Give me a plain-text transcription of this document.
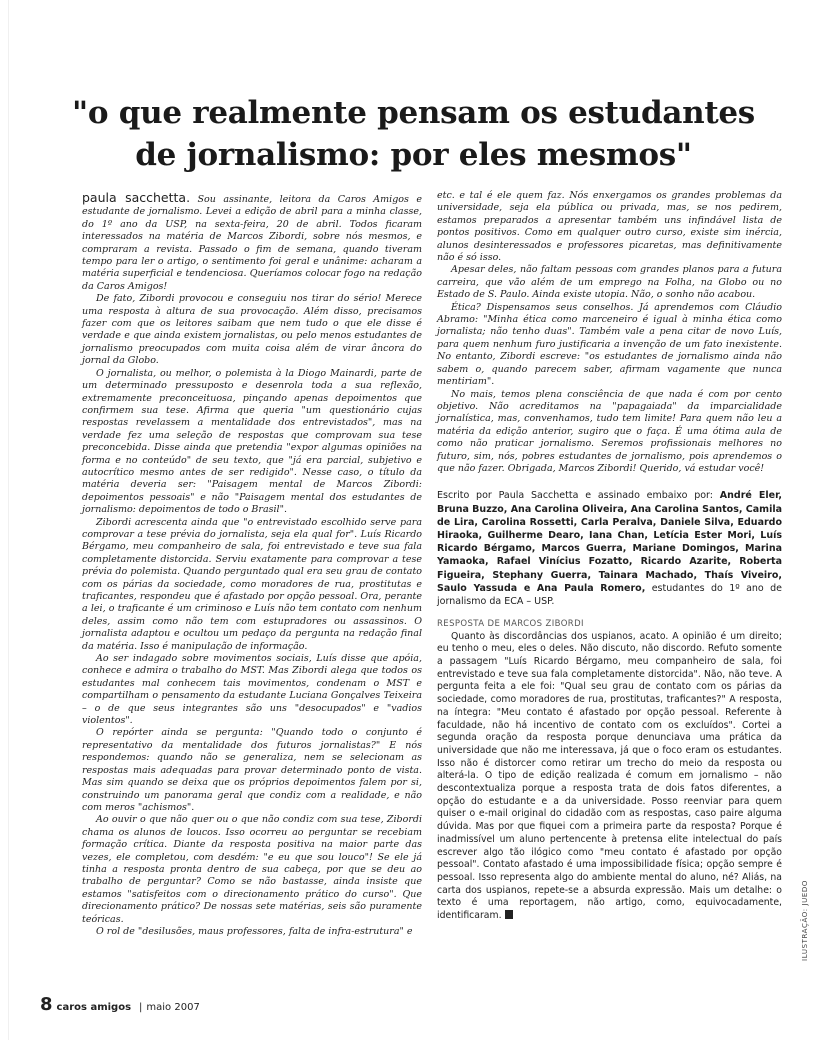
"o que realmente pensam os estudantes
de jornalismo: por eles mesmos"

paula sacchetta. Sou assinante, leitora da Caros Amigos e estudante de jornalismo. Levei a edição de abril para a minha classe, do 1º ano da USP, na sexta-feira, 20 de abril. Todos ficaram interessados na matéria de Marcos Zibordi, sobre nós mesmos, e compraram a revista. Passado o fim de semana, quando tiveram tempo para ler o artigo, o sentimento foi geral e unânime: acharam a matéria superficial e tendenciosa. Queríamos colocar fogo na redação da Caros Amigos!

De fato, Zibordi provocou e conseguiu nos tirar do sério! Merece uma resposta à altura de sua provocação. Além disso, precisamos fazer com que os leitores saibam que nem tudo o que ele disse é verdade e que ainda existem jornalistas, ou pelo menos estudantes de jornalismo preocupados com muita coisa além de virar âncora do jornal da Globo.

O jornalista, ou melhor, o polemista à la Diogo Mainardi, parte de um determinado pressuposto e desenrola toda a sua reflexão, extremamente preconceituosa, pinçando apenas depoimentos que confirmem sua tese. Afirma que queria "um questionário cujas respostas revelassem a mentalidade dos entrevistados", mas na verdade fez uma seleção de respostas que comprovam sua tese preconcebida. Disse ainda que pretendia "expor algumas opiniões na forma e no conteúdo" de seu texto, que "já era parcial, subjetivo e autocrítico mesmo antes de ser redigido". Nesse caso, o título da matéria deveria ser: "Paisagem mental de Marcos Zibordi: depoimentos pessoais" e não "Paisagem mental dos estudantes de jornalismo: depoimentos de todo o Brasil".

Zibordi acrescenta ainda que "o entrevistado escolhido serve para comprovar a tese prévia do jornalista, seja ela qual for". Luís Ricardo Bérgamo, meu companheiro de sala, foi entrevistado e teve sua fala completamente distorcida. Serviu exatamente para comprovar a tese prévia do polemista. Quando perguntado qual era seu grau de contato com os párias da sociedade, como moradores de rua, prostitutas e traficantes, respondeu que é afastado por opção pessoal. Ora, perante a lei, o traficante é um criminoso e Luís não tem contato com nenhum deles, assim como não tem com estupradores ou assassinos. O jornalista adaptou e ocultou um pedaço da pergunta na redação final da matéria. Isso é manipulação de informação.

Ao ser indagado sobre movimentos sociais, Luís disse que apóia, conhece e admira o trabalho do MST. Mas Zibordi alega que todos os estudantes mal conhecem tais movimentos, condenam o MST e compartilham o pensamento da estudante Luciana Gonçalves Teixeira – o de que seus integrantes são uns "desocupados" e "vadios violentos".

O repórter ainda se pergunta: "Quando todo o conjunto é representativo da mentalidade dos futuros jornalistas?" E nós respondemos: quando não se generaliza, nem se selecionam as respostas mais adequadas para provar determinado ponto de vista. Mas sim quando se deixa que os próprios depoimentos falem por si, construindo um panorama geral que condiz com a realidade, e não com meros "achismos".

Ao ouvir o que não quer ou o que não condiz com sua tese, Zibordi chama os alunos de loucos. Isso ocorreu ao perguntar se recebiam formação crítica. Diante da resposta positiva na maior parte das vezes, ele completou, com desdém: "e eu que sou louco"! Se ele já tinha a resposta pronta dentro de sua cabeça, por que se deu ao trabalho de perguntar? Como se não bastasse, ainda insiste que estamos "satisfeitos com o direcionamento prático do curso". Que direcionamento prático? De nossas sete matérias, seis são puramente teóricas.

O rol de "desilusões, maus professores, falta de infra-estrutura" e

etc. e tal é ele quem faz. Nós enxergamos os grandes problemas da universidade, seja ela pública ou privada, mas, se nos pedirem, estamos preparados a apresentar também uns infindável lista de pontos positivos. Como em qualquer outro curso, existe sim inércia, alunos desinteressados e professores picaretas, mas definitivamente não é só isso.

Apesar deles, não faltam pessoas com grandes planos para a futura carreira, que vão além de um emprego na Folha, na Globo ou no Estado de S. Paulo. Ainda existe utopia. Não, o sonho não acabou.

Ética? Dispensamos seus conselhos. Já aprendemos com Cláudio Abramo: "Minha ética como marceneiro é igual à minha ética como jornalista; não tenho duas". Também vale a pena citar de novo Luís, para quem nenhum furo justificaria a invenção de um fato inexistente. No entanto, Zibordi escreve: "os estudantes de jornalismo ainda não sabem o, quando parecem saber, afirmam vagamente que nunca mentiriam".

No mais, temos plena consciência de que nada é com por cento objetivo. Não acreditamos na "papagaiada" da imparcialidade jornalística, mas, convenhamos, tudo tem limite! Para quem não leu a matéria da edição anterior, sugiro que o faça. É uma ótima aula de como não praticar jornalismo. Seremos profissionais melhores no futuro, sim, nós, pobres estudantes de jornalismo, pois aprendemos o que não fazer. Obrigada, Marcos Zibordi! Querido, vá estudar você!

Escrito por Paula Sacchetta e assinado embaixo por: André Eler, Bruna Buzzo, Ana Carolina Oliveira, Ana Carolina Santos, Camila de Lira, Carolina Rossetti, Carla Peralva, Daniele Silva, Eduardo Hiraoka, Guilherme Dearo, Iana Chan, Letícia Ester Mori, Luís Ricardo Bérgamo, Marcos Guerra, Mariane Domingos, Marina Yamaoka, Rafael Vinícius Fozatto, Ricardo Azarite, Roberta Figueira, Stephany Guerra, Tainara Machado, Thaís Viveiro, Saulo Yassuda e Ana Paula Romero, estudantes do 1º ano de jornalismo da ECA – USP.

RESPOSTA DE MARCOS ZIBORDI

Quanto às discordâncias dos uspianos, acato. A opinião é um direito; eu tenho o meu, eles o deles. Não discuto, não discordo. Refuto somente a passagem "Luís Ricardo Bérgamo, meu companheiro de sala, foi entrevistado e teve sua fala completamente distorcida". Não, não teve. A pergunta feita a ele foi: "Qual seu grau de contato com os párias da sociedade, como moradores de rua, prostitutas, traficantes?" A resposta, na íntegra: "Meu contato é afastado por opção pessoal. Referente à faculdade, não há incentivo de contato com os excluídos". Cortei a segunda oração da resposta porque denunciava uma prática da universidade que não me interessava, já que o foco eram os estudantes. Isso não é distorcer como retirar um trecho do meio da resposta ou alterá-la. O tipo de edição realizada é comum em jornalismo – não descontextualiza porque a resposta trata de dois fatos diferentes, a opção do estudante e a da universidade. Posso reenviar para quem quiser o e-mail original do cidadão com as respostas, caso paire alguma dúvida. Mas por que fiquei com a primeira parte da resposta? Porque é inadmissível um aluno pertencente à pretensa elite intelectual do país escrever algo tão ilógico como "meu contato é afastado por opção pessoal". Contato afastado é uma impossibilidade física; opção sempre é pessoal. Isso representa algo do ambiente mental do aluno, né? Aliás, na carta dos uspianos, repete-se a absurda expressão. Mais um detalhe: o texto é uma reportagem, não artigo, como, equivocadamente, identificaram.	ILUSTRAÇÃO: JUEDO
8 caros amigos | maio 2007
